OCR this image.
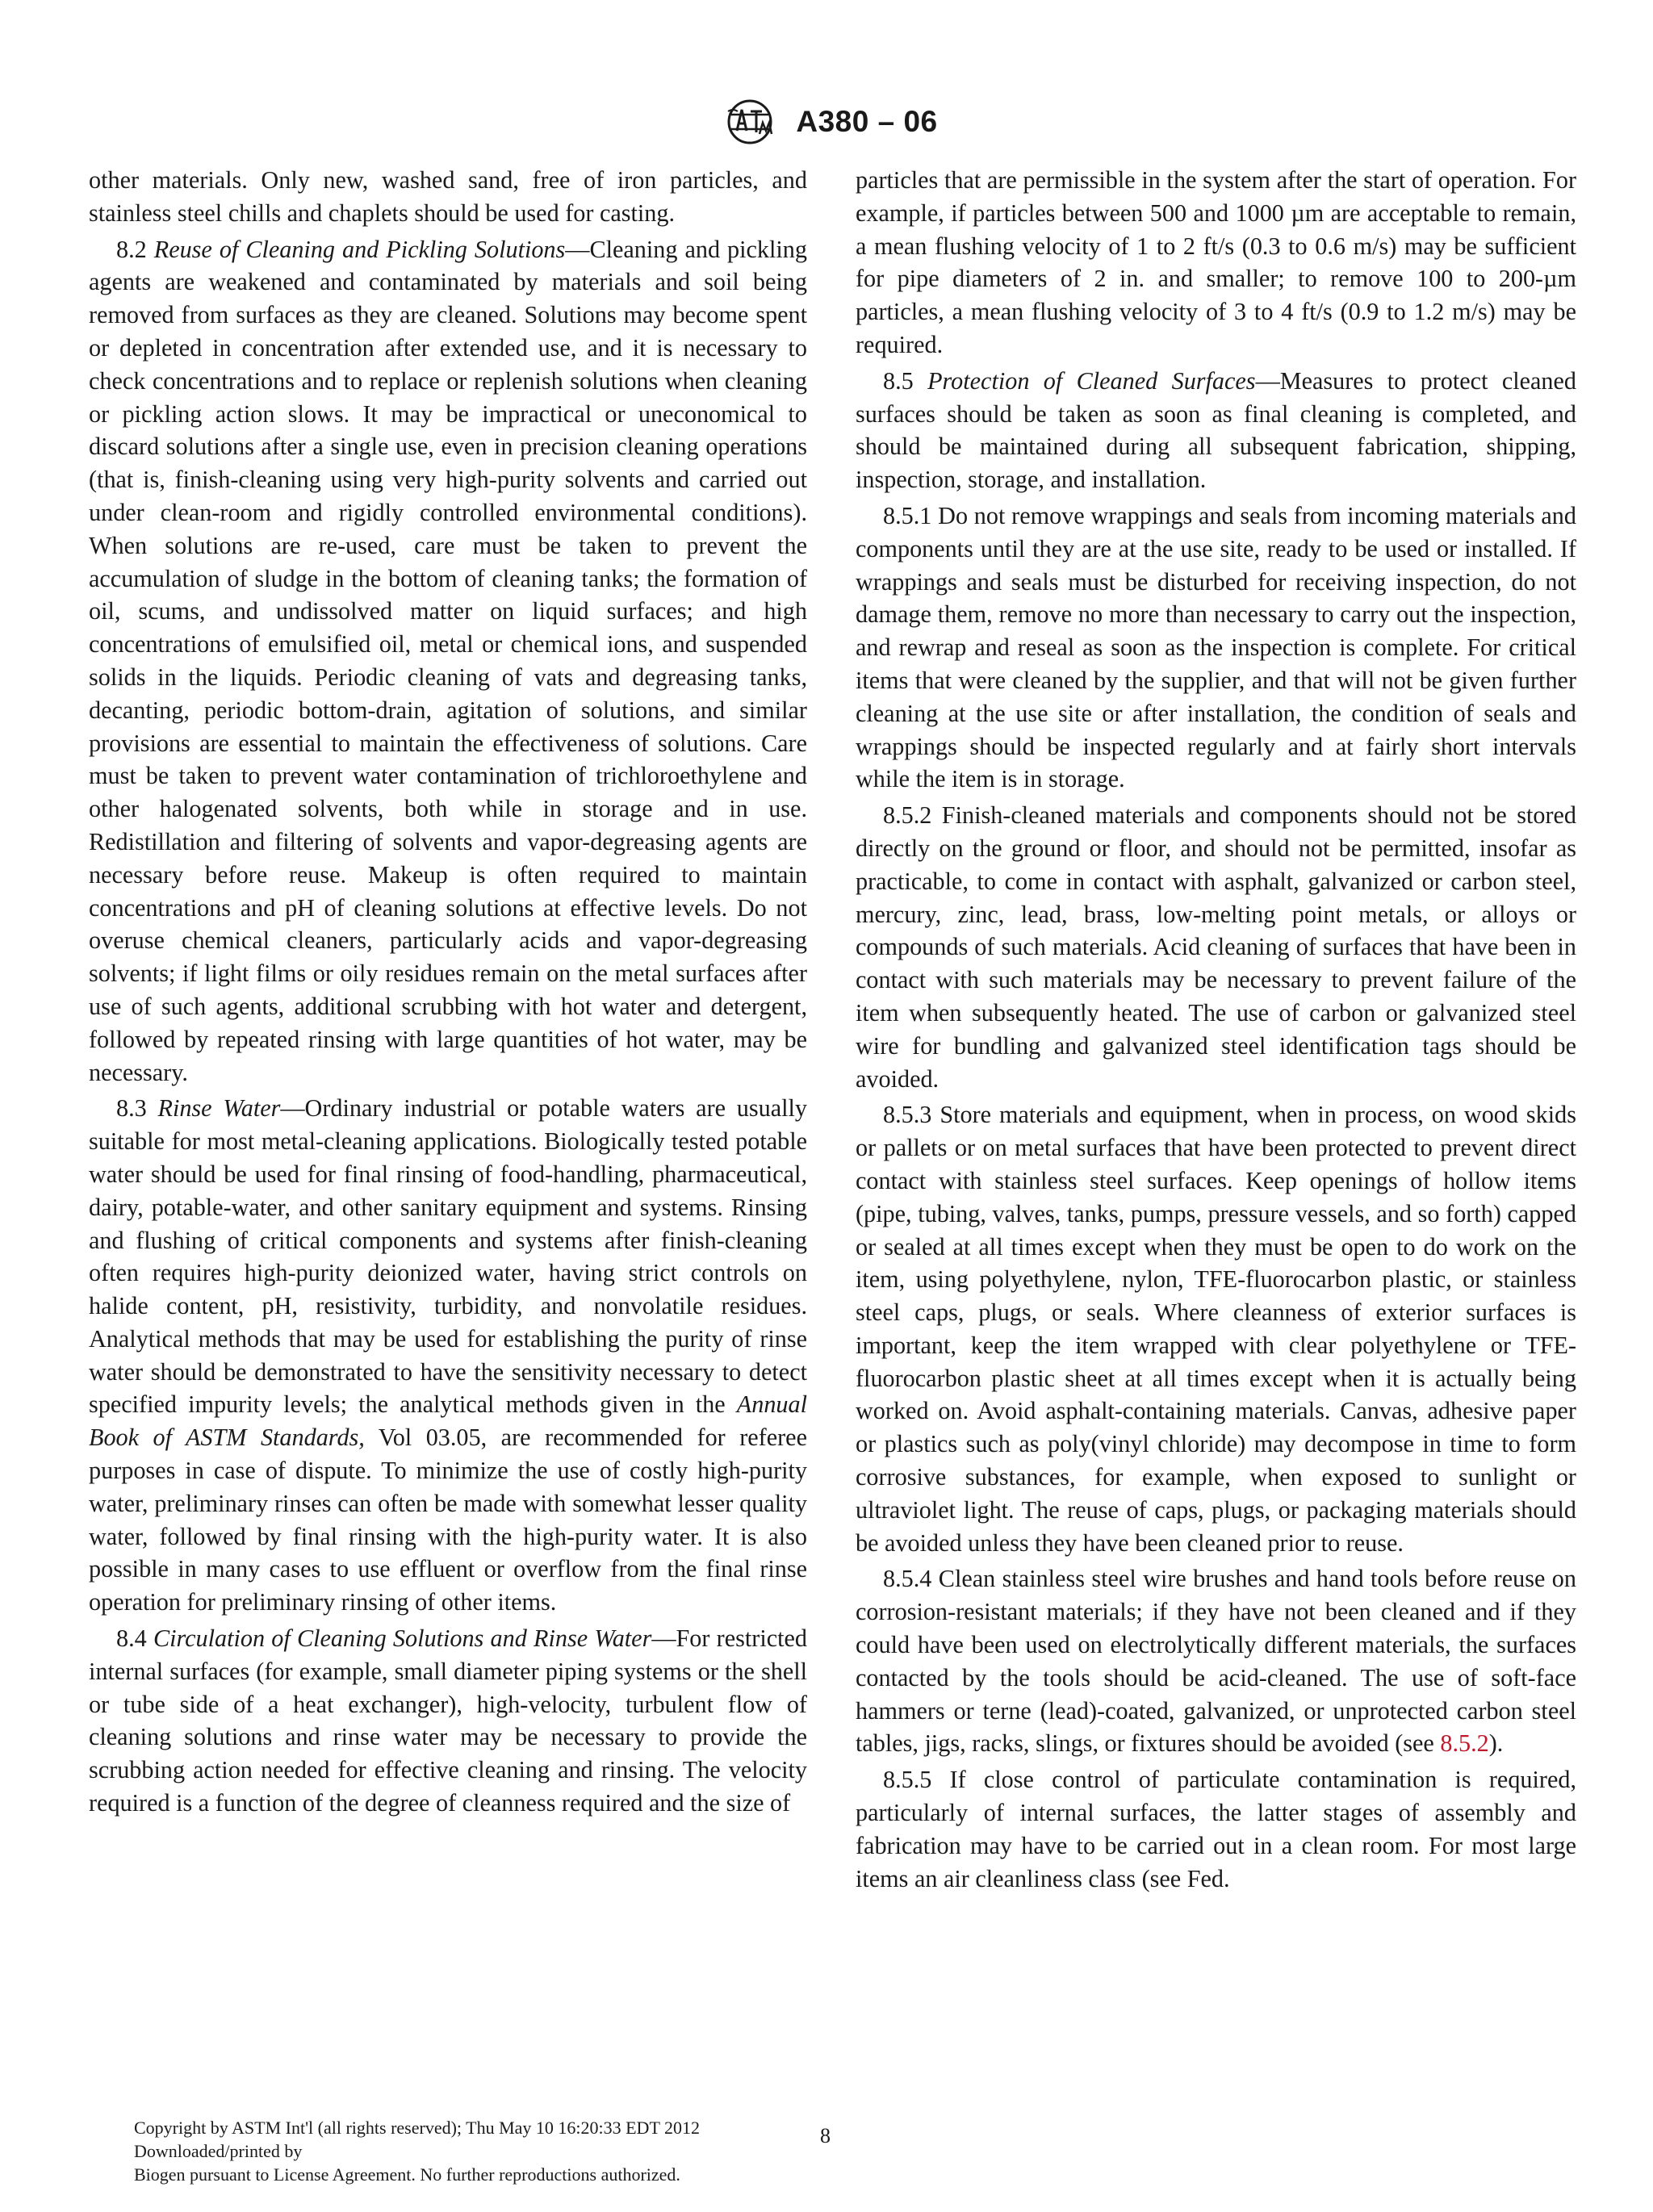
A380 – 06

other materials. Only new, washed sand, free of iron particles, and stainless steel chills and chaplets should be used for casting.

8.2 Reuse of Cleaning and Pickling Solutions—Cleaning and pickling agents are weakened and contaminated by materials and soil being removed from surfaces as they are cleaned. Solutions may become spent or depleted in concentration after extended use, and it is necessary to check concentrations and to replace or replenish solutions when cleaning or pickling action slows. It may be impractical or uneconomical to discard solutions after a single use, even in precision cleaning operations (that is, finish-cleaning using very high-purity solvents and carried out under clean-room and rigidly controlled environmental conditions). When solutions are re-used, care must be taken to prevent the accumulation of sludge in the bottom of cleaning tanks; the formation of oil, scums, and undissolved matter on liquid surfaces; and high concentrations of emulsified oil, metal or chemical ions, and suspended solids in the liquids. Periodic cleaning of vats and degreasing tanks, decanting, periodic bottom-drain, agitation of solutions, and similar provisions are essential to maintain the effectiveness of solutions. Care must be taken to prevent water contamination of trichloroethylene and other halogenated solvents, both while in storage and in use. Redistillation and filtering of solvents and vapor-degreasing agents are necessary before reuse. Makeup is often required to maintain concentrations and pH of cleaning solutions at effective levels. Do not overuse chemical cleaners, particularly acids and vapor-degreasing solvents; if light films or oily residues remain on the metal surfaces after use of such agents, additional scrubbing with hot water and detergent, followed by repeated rinsing with large quantities of hot water, may be necessary.

8.3 Rinse Water—Ordinary industrial or potable waters are usually suitable for most metal-cleaning applications. Biologically tested potable water should be used for final rinsing of food-handling, pharmaceutical, dairy, potable-water, and other sanitary equipment and systems. Rinsing and flushing of critical components and systems after finish-cleaning often requires high-purity deionized water, having strict controls on halide content, pH, resistivity, turbidity, and nonvolatile residues. Analytical methods that may be used for establishing the purity of rinse water should be demonstrated to have the sensitivity necessary to detect specified impurity levels; the analytical methods given in the Annual Book of ASTM Standards, Vol 03.05, are recommended for referee purposes in case of dispute. To minimize the use of costly high-purity water, preliminary rinses can often be made with somewhat lesser quality water, followed by final rinsing with the high-purity water. It is also possible in many cases to use effluent or overflow from the final rinse operation for preliminary rinsing of other items.

8.4 Circulation of Cleaning Solutions and Rinse Water—For restricted internal surfaces (for example, small diameter piping systems or the shell or tube side of a heat exchanger), high-velocity, turbulent flow of cleaning solutions and rinse water may be necessary to provide the scrubbing action needed for effective cleaning and rinsing. The velocity required is a function of the degree of cleanness required and the size of

particles that are permissible in the system after the start of operation. For example, if particles between 500 and 1000 µm are acceptable to remain, a mean flushing velocity of 1 to 2 ft/s (0.3 to 0.6 m/s) may be sufficient for pipe diameters of 2 in. and smaller; to remove 100 to 200-µm particles, a mean flushing velocity of 3 to 4 ft/s (0.9 to 1.2 m/s) may be required.

8.5 Protection of Cleaned Surfaces—Measures to protect cleaned surfaces should be taken as soon as final cleaning is completed, and should be maintained during all subsequent fabrication, shipping, inspection, storage, and installation.

8.5.1 Do not remove wrappings and seals from incoming materials and components until they are at the use site, ready to be used or installed. If wrappings and seals must be disturbed for receiving inspection, do not damage them, remove no more than necessary to carry out the inspection, and rewrap and reseal as soon as the inspection is complete. For critical items that were cleaned by the supplier, and that will not be given further cleaning at the use site or after installation, the condition of seals and wrappings should be inspected regularly and at fairly short intervals while the item is in storage.

8.5.2 Finish-cleaned materials and components should not be stored directly on the ground or floor, and should not be permitted, insofar as practicable, to come in contact with asphalt, galvanized or carbon steel, mercury, zinc, lead, brass, low-melting point metals, or alloys or compounds of such materials. Acid cleaning of surfaces that have been in contact with such materials may be necessary to prevent failure of the item when subsequently heated. The use of carbon or galvanized steel wire for bundling and galvanized steel identification tags should be avoided.

8.5.3 Store materials and equipment, when in process, on wood skids or pallets or on metal surfaces that have been protected to prevent direct contact with stainless steel surfaces. Keep openings of hollow items (pipe, tubing, valves, tanks, pumps, pressure vessels, and so forth) capped or sealed at all times except when they must be open to do work on the item, using polyethylene, nylon, TFE-fluorocarbon plastic, or stainless steel caps, plugs, or seals. Where cleanness of exterior surfaces is important, keep the item wrapped with clear polyethylene or TFE-fluorocarbon plastic sheet at all times except when it is actually being worked on. Avoid asphalt-containing materials. Canvas, adhesive paper or plastics such as poly(vinyl chloride) may decompose in time to form corrosive substances, for example, when exposed to sunlight or ultraviolet light. The reuse of caps, plugs, or packaging materials should be avoided unless they have been cleaned prior to reuse.

8.5.4 Clean stainless steel wire brushes and hand tools before reuse on corrosion-resistant materials; if they have not been cleaned and if they could have been used on electrolytically different materials, the surfaces contacted by the tools should be acid-cleaned. The use of soft-face hammers or terne (lead)-coated, galvanized, or unprotected carbon steel tables, jigs, racks, slings, or fixtures should be avoided (see 8.5.2).

8.5.5 If close control of particulate contamination is required, particularly of internal surfaces, the latter stages of assembly and fabrication may have to be carried out in a clean room. For most large items an air cleanliness class (see Fed.

Copyright by ASTM Int'l (all rights reserved); Thu May 10 16:20:33 EDT 2012
Downloaded/printed by
Biogen pursuant to License Agreement. No further reproductions authorized.
8
